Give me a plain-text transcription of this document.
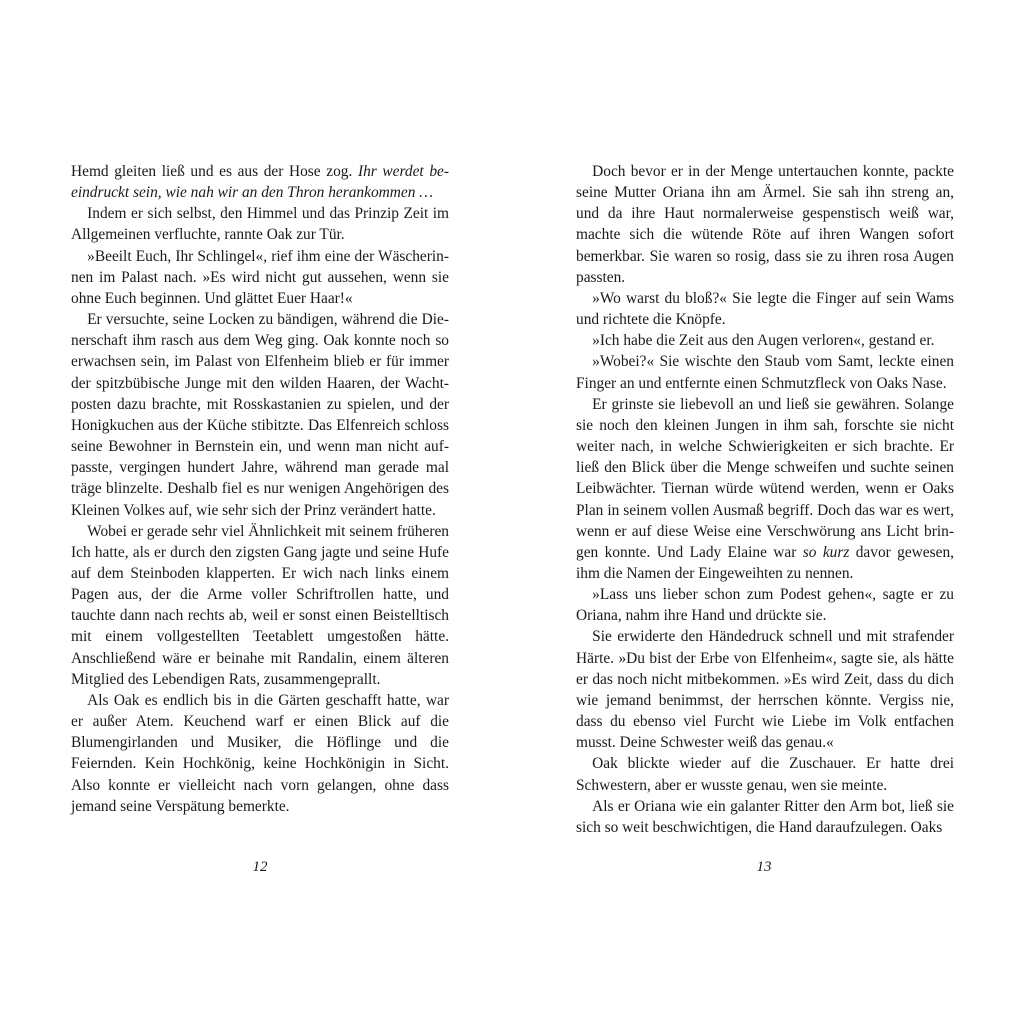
Hemd gleiten ließ und es aus der Hose zog. Ihr werdet beeindruckt sein, wie nah wir an den Thron herankommen …

Indem er sich selbst, den Himmel und das Prinzip Zeit im Allgemeinen verfluchte, rannte Oak zur Tür.

»Beeilt Euch, Ihr Schlingel«, rief ihm eine der Wäscherinnen im Palast nach. »Es wird nicht gut aussehen, wenn sie ohne Euch beginnen. Und glättet Euer Haar!«

Er versuchte, seine Locken zu bändigen, während die Dienerschaft ihm rasch aus dem Weg ging. Oak konnte noch so erwachsen sein, im Palast von Elfenheim blieb er für immer der spitzbübische Junge mit den wilden Haaren, der Wachtposten dazu brachte, mit Rosskastanien zu spielen, und der Honigkuchen aus der Küche stibitzte. Das Elfenreich schloss seine Bewohner in Bernstein ein, und wenn man nicht aufpasste, vergingen hundert Jahre, während man gerade mal träge blinzelte. Deshalb fiel es nur wenigen Angehörigen des Kleinen Volkes auf, wie sehr sich der Prinz verändert hatte.

Wobei er gerade sehr viel Ähnlichkeit mit seinem früheren Ich hatte, als er durch den zigsten Gang jagte und seine Hufe auf dem Steinboden klapperten. Er wich nach links einem Pagen aus, der die Arme voller Schriftrollen hatte, und tauchte dann nach rechts ab, weil er sonst einen Beistelltisch mit einem vollgestellten Teetablett umgestoßen hätte. Anschließend wäre er beinahe mit Randalin, einem älteren Mitglied des Lebendigen Rats, zusammengeprallt.

Als Oak es endlich bis in die Gärten geschafft hatte, war er außer Atem. Keuchend warf er einen Blick auf die Blumengirlanden und Musiker, die Höflinge und die Feiernden. Kein Hochkönig, keine Hochkönigin in Sicht. Also konnte er vielleicht nach vorn gelangen, ohne dass jemand seine Verspätung bemerkte.

12

Doch bevor er in der Menge untertauchen konnte, packte seine Mutter Oriana ihn am Ärmel. Sie sah ihn streng an, und da ihre Haut normalerweise gespenstisch weiß war, machte sich die wütende Röte auf ihren Wangen sofort bemerkbar. Sie waren so rosig, dass sie zu ihren rosa Augen passten.

»Wo warst du bloß?« Sie legte die Finger auf sein Wams und richtete die Knöpfe.

»Ich habe die Zeit aus den Augen verloren«, gestand er.

»Wobei?« Sie wischte den Staub vom Samt, leckte einen Finger an und entfernte einen Schmutzfleck von Oaks Nase.

Er grinste sie liebevoll an und ließ sie gewähren. Solange sie noch den kleinen Jungen in ihm sah, forschte sie nicht weiter nach, in welche Schwierigkeiten er sich brachte. Er ließ den Blick über die Menge schweifen und suchte seinen Leibwächter. Tiernan würde wütend werden, wenn er Oaks Plan in seinem vollen Ausmaß begriff. Doch das war es wert, wenn er auf diese Weise eine Verschwörung ans Licht bringen konnte. Und Lady Elaine war so kurz davor gewesen, ihm die Namen der Eingeweihten zu nennen.

»Lass uns lieber schon zum Podest gehen«, sagte er zu Oriana, nahm ihre Hand und drückte sie.

Sie erwiderte den Händedruck schnell und mit strafender Härte. »Du bist der Erbe von Elfenheim«, sagte sie, als hätte er das noch nicht mitbekommen. »Es wird Zeit, dass du dich wie jemand benimmst, der herrschen könnte. Vergiss nie, dass du ebenso viel Furcht wie Liebe im Volk entfachen musst. Deine Schwester weiß das genau.«

Oak blickte wieder auf die Zuschauer. Er hatte drei Schwestern, aber er wusste genau, wen sie meinte.

Als er Oriana wie ein galanter Ritter den Arm bot, ließ sie sich so weit beschwichtigen, die Hand daraufzulegen. Oaks

13
